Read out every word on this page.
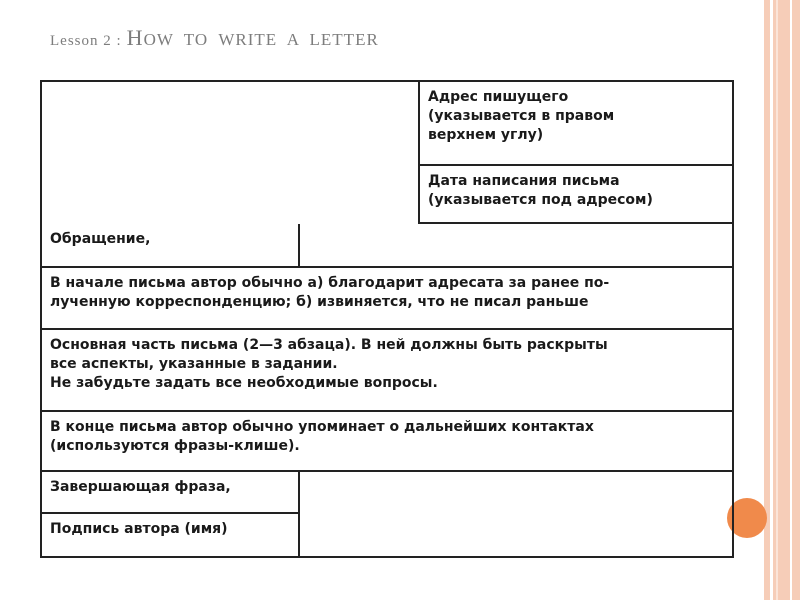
Lesson 2 : HOW  TO  WRITE  A  LETTER
Адрес пишущего
(указывается в правом
верхнем углу)
Дата написания письма
(указывается под адресом)
Обращение,
В начале письма автор обычно а) благодарит адресата за ранее по-
лученную корреспонденцию; б) извиняется, что не писал раньше
Основная часть письма (2—3 абзаца). В ней должны быть раскрыты
все аспекты, указанные в задании.
Не забудьте задать все необходимые вопросы.
В конце письма автор обычно упоминает о дальнейших контактах
(используются фразы-клише).
Завершающая фраза,
Подпись автора (имя)
